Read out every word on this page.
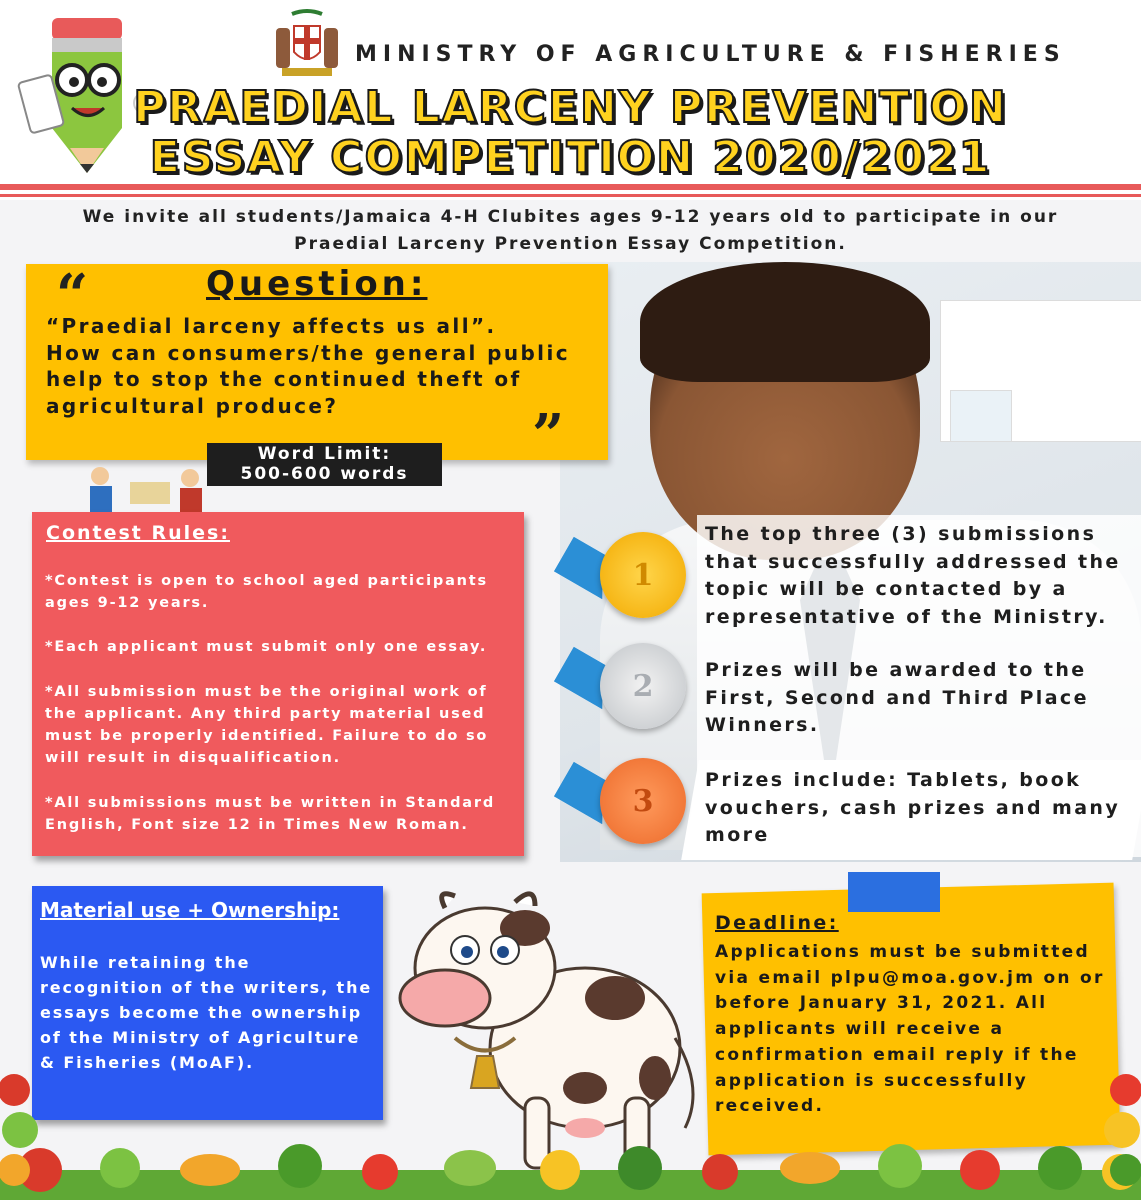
MINISTRY OF AGRICULTURE & FISHERIES
PRAEDIAL LARCENY PREVENTION
ESSAY COMPETITION 2020/2021
We invite all students/Jamaica 4-H Clubites ages 9-12 years old to participate in our
Praedial Larceny Prevention Essay Competition.
“
”
Question:
“Praedial larceny affects us all”.
How can consumers/the general public
help to stop the continued theft of
agricultural produce?
Word Limit:
500-600 words
Contest Rules:
*Contest is open to school aged participants ages 9-12 years.
*Each applicant must submit only one essay.
*All submission must be the original work of the applicant. Any third party material used must be properly identified. Failure to do so will result in disqualification.
*All submissions must be written in Standard English, Font size 12 in Times New Roman.
1
2
3
The top three (3) submissions that successfully addressed the topic will be contacted by a representative of the Ministry.
Prizes will be awarded to the First, Second and Third Place Winners.
Prizes include: Tablets, book vouchers, cash prizes and many more
Material use + Ownership:
While retaining the recognition of the writers, the essays become the ownership of the Ministry of Agriculture & Fisheries (MoAF).
Deadline:
Applications must be submitted via email plpu@moa.gov.jm on or before January 31, 2021. All applicants will receive a confirmation email reply if the application is successfully received.
